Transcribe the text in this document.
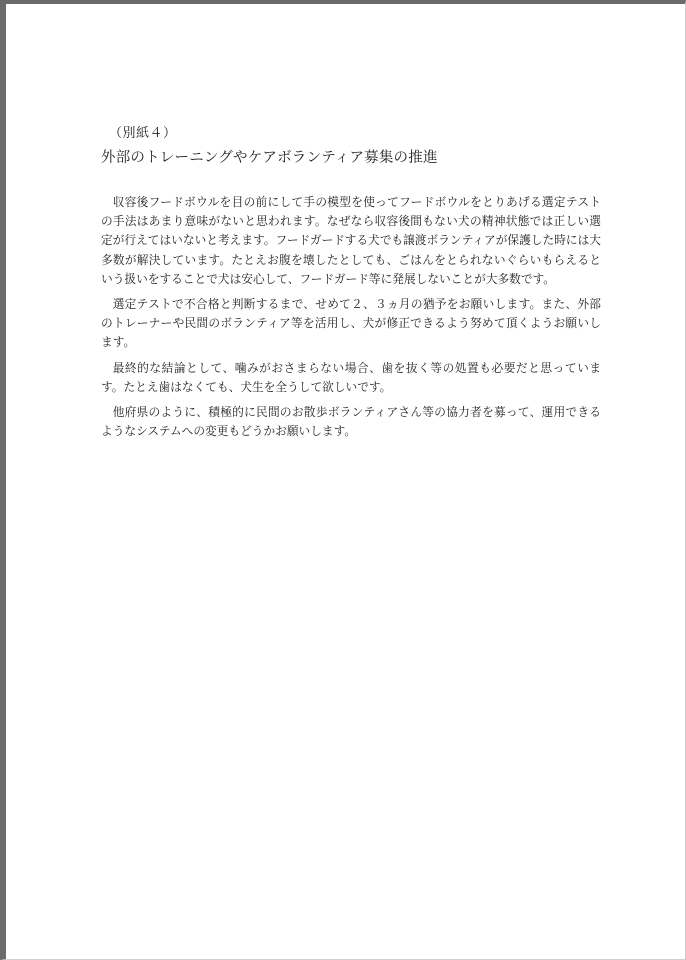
（別紙４）
外部のトレーニングやケアボランティア募集の推進

収容後フードボウルを目の前にして手の模型を使ってフードボウルをとりあげる選定テストの手法はあまり意味がないと思われます。なぜなら収容後間もない犬の精神状態では正しい選定が行えてはいないと考えます。フードガードする犬でも譲渡ボランティアが保護した時には大多数が解決しています。たとえお腹を壊したとしても、ごはんをとられないぐらいもらえるという扱いをすることで犬は安心して、フードガード等に発展しないことが大多数です。

選定テストで不合格と判断するまで、せめて２、３ヵ月の猶予をお願いします。また、外部のトレーナーや民間のボランティア等を活用し、犬が修正できるよう努めて頂くようお願いします。

最終的な結論として、噛みがおさまらない場合、歯を抜く等の処置も必要だと思っています。たとえ歯はなくても、犬生を全うして欲しいです。

他府県のように、積極的に民間のお散歩ボランティアさん等の協力者を募って、運用できるようなシステムへの変更もどうかお願いします。
